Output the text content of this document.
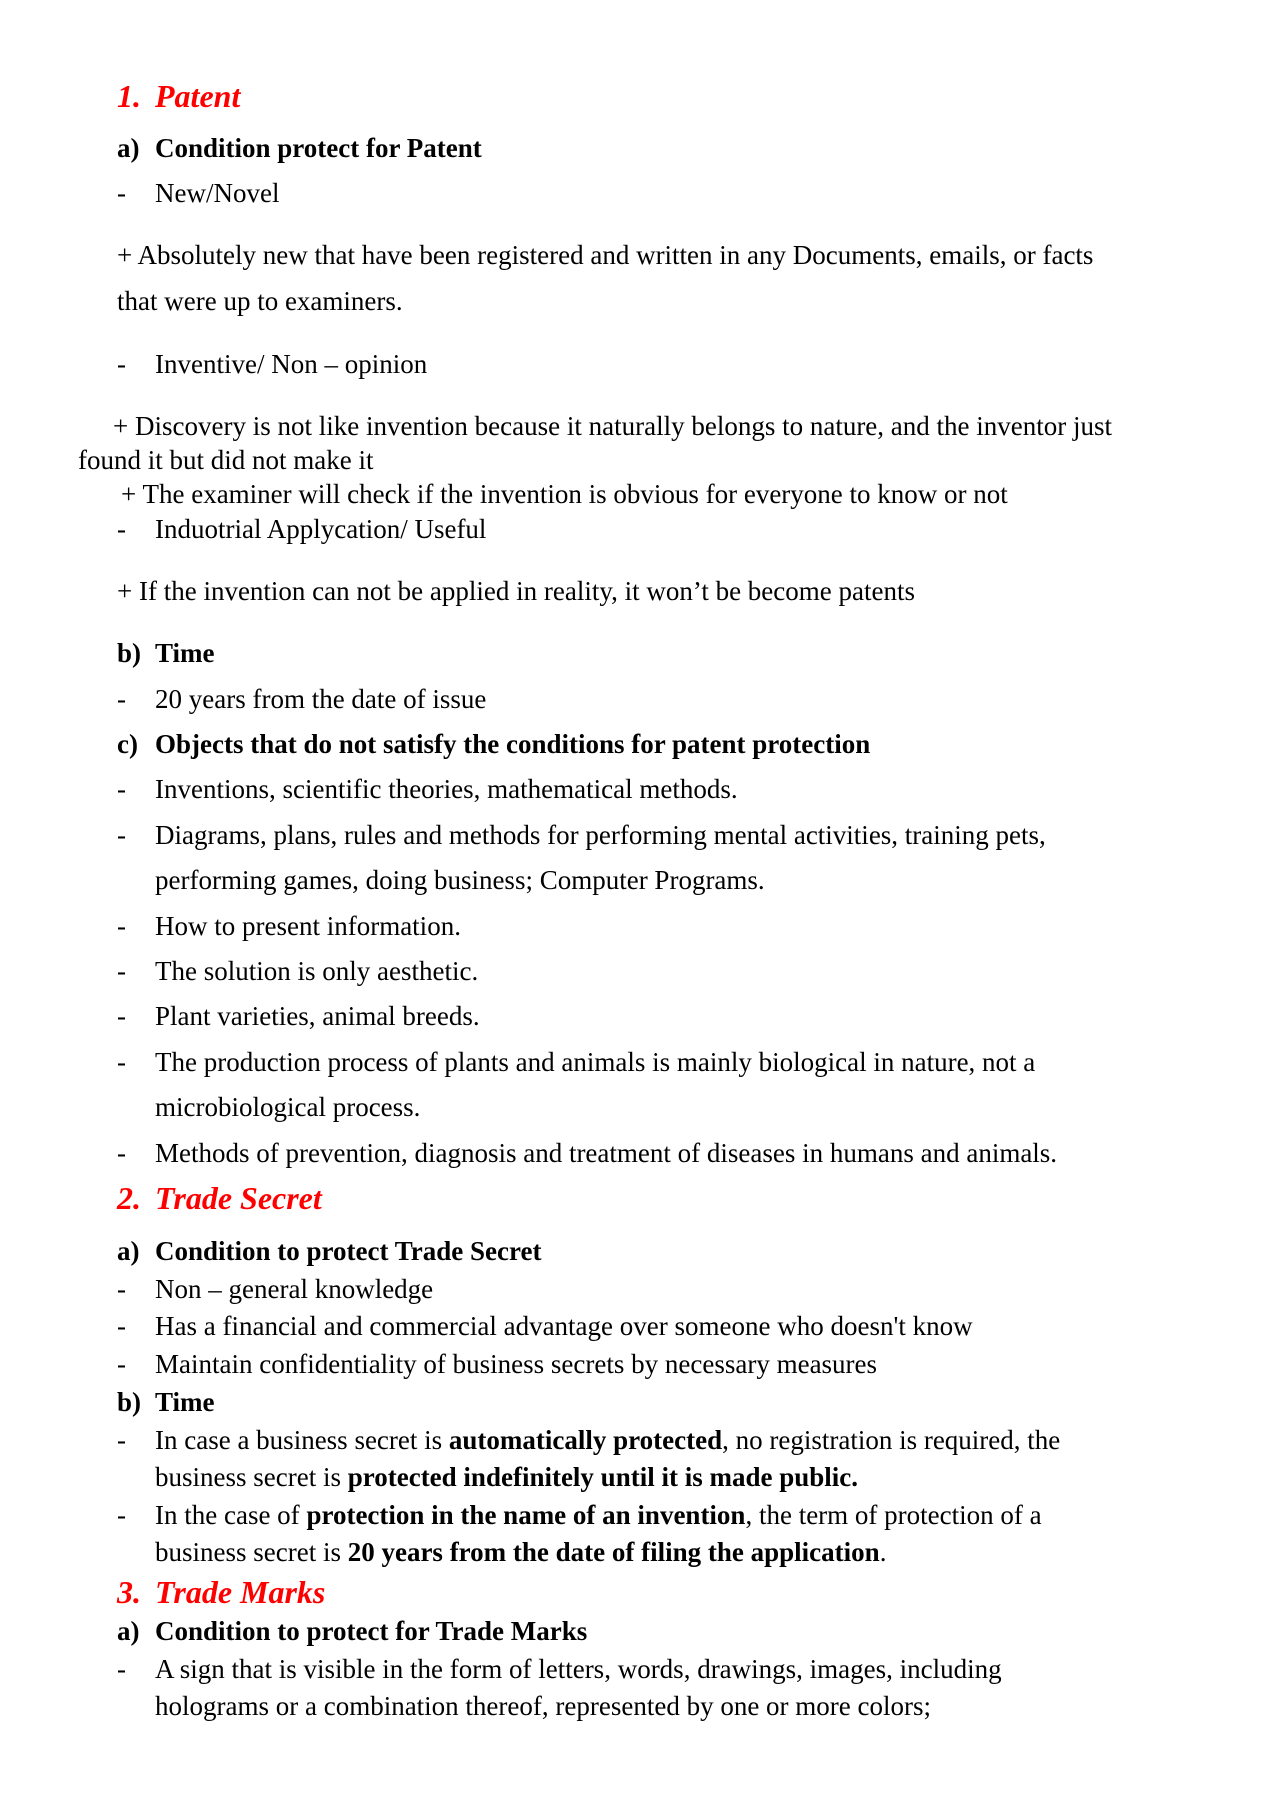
1. Patent
a) Condition protect for Patent
- New/Novel
+ Absolutely new that have been registered and written in any Documents, emails, or facts
that were up to examiners.
- Inventive/ Non – opinion
+ Discovery is not like invention because it naturally belongs to nature, and the inventor just
found it but did not make it
+ The examiner will check if the invention is obvious for everyone to know or not
- Induotrial Applycation/ Useful
+ If the invention can not be applied in reality, it won’t be become patents
b) Time
- 20 years from the date of issue
c) Objects that do not satisfy the conditions for patent protection
- Inventions, scientific theories, mathematical methods.
- Diagrams, plans, rules and methods for performing mental activities, training pets,
performing games, doing business; Computer Programs.
- How to present information.
- The solution is only aesthetic.
- Plant varieties, animal breeds.
- The production process of plants and animals is mainly biological in nature, not a
microbiological process.
- Methods of prevention, diagnosis and treatment of diseases in humans and animals.
2. Trade Secret
a) Condition to protect Trade Secret
- Non – general knowledge
- Has a financial and commercial advantage over someone who doesn't know
- Maintain confidentiality of business secrets by necessary measures
b) Time
- In case a business secret is automatically protected, no registration is required, the
business secret is protected indefinitely until it is made public.
- In the case of protection in the name of an invention, the term of protection of a
business secret is 20 years from the date of filing the application.
3. Trade Marks
a) Condition to protect for Trade Marks
- A sign that is visible in the form of letters, words, drawings, images, including
holograms or a combination thereof, represented by one or more colors;
